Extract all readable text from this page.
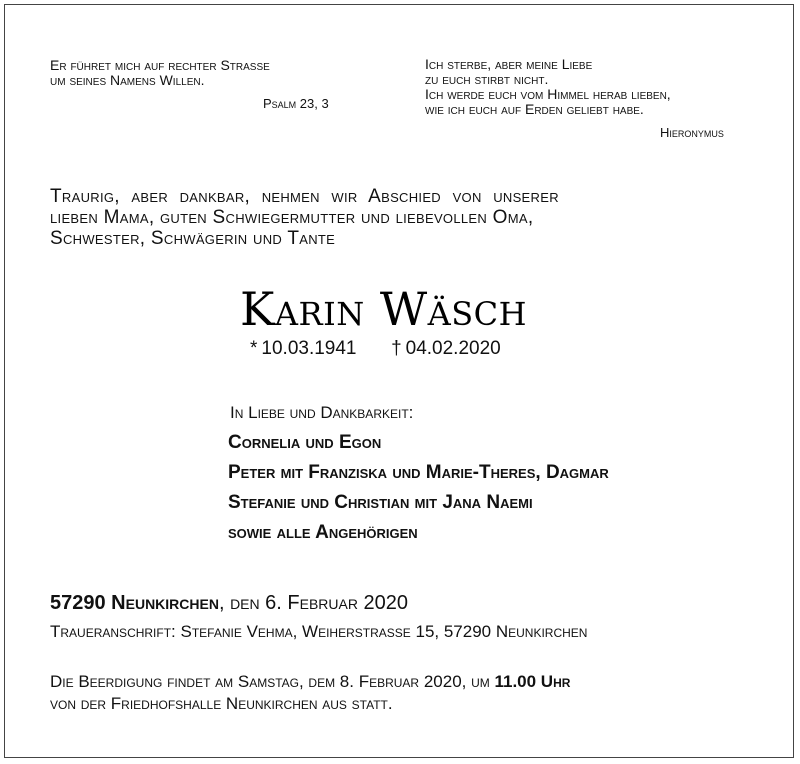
Er führet mich auf rechter Strasse
um seines Namens Willen.
Psalm 23, 3
Ich sterbe, aber meine Liebe
zu euch stirbt nicht.
Ich werde euch vom Himmel herab lieben,
wie ich euch auf Erden geliebt habe.
Hieronymus
Traurig, aber dankbar, nehmen wir Abschied von unserer
lieben Mama, guten Schwiegermutter und liebevollen Oma,
Schwester, Schwägerin und Tante
Karin Wäsch
* 10.03.1941 † 04.02.2020
In Liebe und Dankbarkeit:
Cornelia und Egon
Peter mit Franziska und Marie-Theres, Dagmar
Stefanie und Christian mit Jana Naemi
sowie alle Angehörigen
57290 Neunkirchen, den 6. Februar 2020
Traueranschrift: Stefanie Vehma, Weiherstrasse 15, 57290 Neunkirchen
Die Beerdigung findet am Samstag, dem 8. Februar 2020, um 11.00 Uhr
von der Friedhofshalle Neunkirchen aus statt.
